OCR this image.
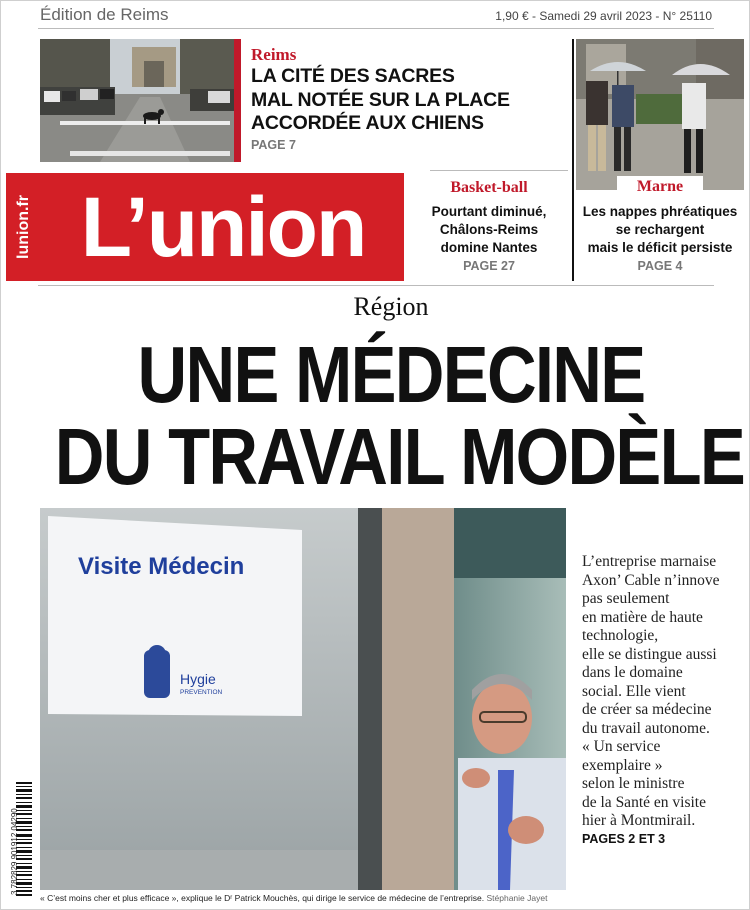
Édition de Reims	1,90 € - Samedi 29 avril 2023 - N° 25110
Reims
LA CITÉ DES SACRES
MAL NOTÉE SUR LA PLACE
ACCORDÉE AUX CHIENS
PAGE 7
lunion.fr L’union	Basket-ball
Pourtant diminué,
Châlons-Reims
domine Nantes
PAGE 27
Marne
Les nappes phréatiques
se rechargent
mais le déficit persiste
PAGE 4
Région
UNE MÉDECINE
DU TRAVAIL MODÈLE
Visite Médecin
Hygie
PREVENTION
L’entreprise marnaise
Axon’ Cable n’innove
pas seulement
en matière de haute
technologie,
elle se distingue aussi
dans le domaine
social. Elle vient
de créer sa médecine
du travail autonome.
« Un service
exemplaire »
selon le ministre
de la Santé en visite
hier à Montmirail.
PAGES 2 ET 3
3 782829 901912 04290
« C’est moins cher et plus efficace », explique le Dʳ Patrick Mouchès, qui dirige le service de médecine de l’entreprise. Stéphanie Jayet
